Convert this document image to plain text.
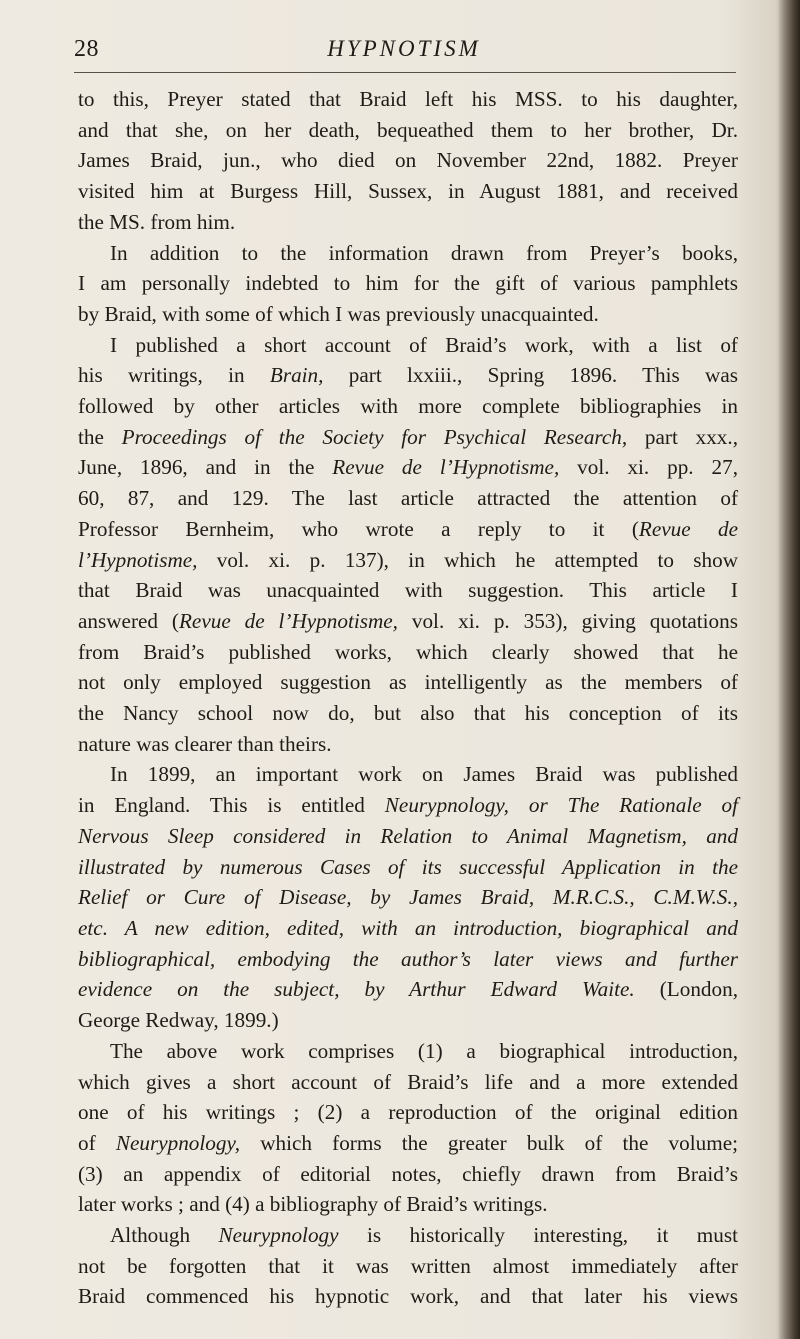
28	HYPNOTISM
to this, Preyer stated that Braid left his MSS. to his daughter,
and that she, on her death, bequeathed them to her brother, Dr.
James Braid, jun., who died on November 22nd, 1882. Preyer
visited him at Burgess Hill, Sussex, in August 1881, and received
the MS. from him.
In addition to the information drawn from Preyer’s books,
I am personally indebted to him for the gift of various pamphlets
by Braid, with some of which I was previously unacquainted.
I published a short account of Braid’s work, with a list of
his writings, in Brain, part lxxiii., Spring 1896. This was
followed by other articles with more complete bibliographies in
the Proceedings of the Society for Psychical Research, part xxx.,
June, 1896, and in the Revue de l’Hypnotisme, vol. xi. pp. 27,
60, 87, and 129. The last article attracted the attention of
Professor Bernheim, who wrote a reply to it (Revue de
l’Hypnotisme, vol. xi. p. 137), in which he attempted to show
that Braid was unacquainted with suggestion. This article I
answered (Revue de l’Hypnotisme, vol. xi. p. 353), giving quotations
from Braid’s published works, which clearly showed that he
not only employed suggestion as intelligently as the members of
the Nancy school now do, but also that his conception of its
nature was clearer than theirs.
In 1899, an important work on James Braid was published
in England. This is entitled Neurypnology, or The Rationale of
Nervous Sleep considered in Relation to Animal Magnetism, and
illustrated by numerous Cases of its successful Application in the
Relief or Cure of Disease, by James Braid, M.R.C.S., C.M.W.S.,
etc. A new edition, edited, with an introduction, biographical and
bibliographical, embodying the author’s later views and further
evidence on the subject, by Arthur Edward Waite. (London,
George Redway, 1899.)
The above work comprises (1) a biographical introduction,
which gives a short account of Braid’s life and a more extended
one of his writings ; (2) a reproduction of the original edition
of Neurypnology, which forms the greater bulk of the volume;
(3) an appendix of editorial notes, chiefly drawn from Braid’s
later works ; and (4) a bibliography of Braid’s writings.
Although Neurypnology is historically interesting, it must
not be forgotten that it was written almost immediately after
Braid commenced his hypnotic work, and that later his views
